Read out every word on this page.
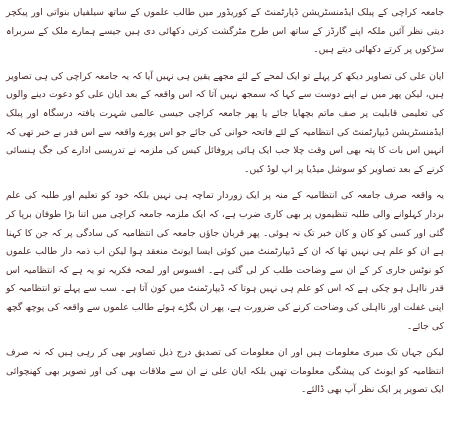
جامعہ کراچی کے پبلک ایڈمنسٹریشن ڈپارٹمنٹ کے کوریڈور میں طالب علموں کے ساتھ سیلفیاں بنواتی اور پیکچر دیتی نظر آئیں ملکہ اپنے گارڈز کے ساتھ اس طرح مٹرگشت کرتی دکھائی دی ہیں جیسے ہمارے ملک کے سربراہ سڑکوں پر کرتے دکھائی دیتے ہیں۔

ایان علی کی تصاویر دیکھ کر پہلے تو ایک لمحے کے لئے مجھے یقین ہی نہیں آیا کہ یہ جامعہ کراچی کی ہی تصاویر ہیں، لیکن پھر میں نے اپنے دوست سے کہا کہ سمجھ نہیں آتا کہ اس واقعہ کے بعد ایان علی کو دعوت دینے والوں کی تعلیمی قابلیت پر صف ماتم بچھایا جائے یا پھر جامعہ کراچی جیسی عالمی شہرت یافتہ درسگاہ اور پبلک ایڈمنسٹریشن ڈیپارٹمنٹ کی انتظامیہ کے لئے فاتحہ خوانی کی جائے جو اس پورے واقعہ سے اس قدر بے خبر تھی کہ انہیں اس بات کا پتہ بھی اس وقت چلا جب ایک ہائی پروفائل کیس کی ملزمہ نے تدریسی ادارے کی جگ ہنسائی کرنے کے بعد تصاویر کو سوشل میڈیا پر اپ لوڈ کیں۔

یہ واقعہ صرف جامعہ کی انتظامیہ کے منہ پر ایک زوردار تماچہ ہی نہیں بلکہ خود کو تعلیم اور طلبہ کی علم بردار کہلوانے والی طلبہ تنظیموں پر بھی کاری ضرب ہے، کہ ایک ملزمہ جامعہ کراچی میں اتنا بڑا طوفان برپا کر گئی اور کسی کو کان و کان خبر تک نہ ہوئی۔ پھر قربان جاؤں جامعہ کی انتظامیہ کی سادگی پر کہ جن کا کہنا ہے ان کو علم ہی نہیں تھا کہ ان کے ڈیپارٹمنٹ میں کوئی ایسا ایونٹ منعقد ہوا لیکن اب ذمہ دار طالب علموں کو نوٹس جاری کر کے ان سے وضاحت طلب کر لی گئی ہے۔ افسوس اور لمحہ فکریہ تو یہ ہے کہ انتظامیہ اس قدر نااہل ہو چکی ہے کہ اس کو علم ہی نہیں ہوتا کہ ڈیپارٹمنٹ میں کون آتا ہے۔ سب سے پہلے تو انتظامیہ کو اپنی غفلت اور نااہلی کی وضاحت کرنے کی ضرورت ہے، پھر ان بگڑے ہوئے طالب علموں سے واقعہ کی پوچھ گچھ کی جائے۔

لیکن جہاں تک میری معلومات ہیں اور ان معلومات کی تصدیق درج ذیل تصاویر بھی کر رہی ہیں کہ نہ صرف انتظامیہ کو ایونٹ کی پیشگی معلومات تھیں بلکہ ایان علی نے ان سے ملاقات بھی کی اور تصویر بھی کھنچوائی ایک تصویر پر ایک نظر آپ بھی ڈالئے۔
